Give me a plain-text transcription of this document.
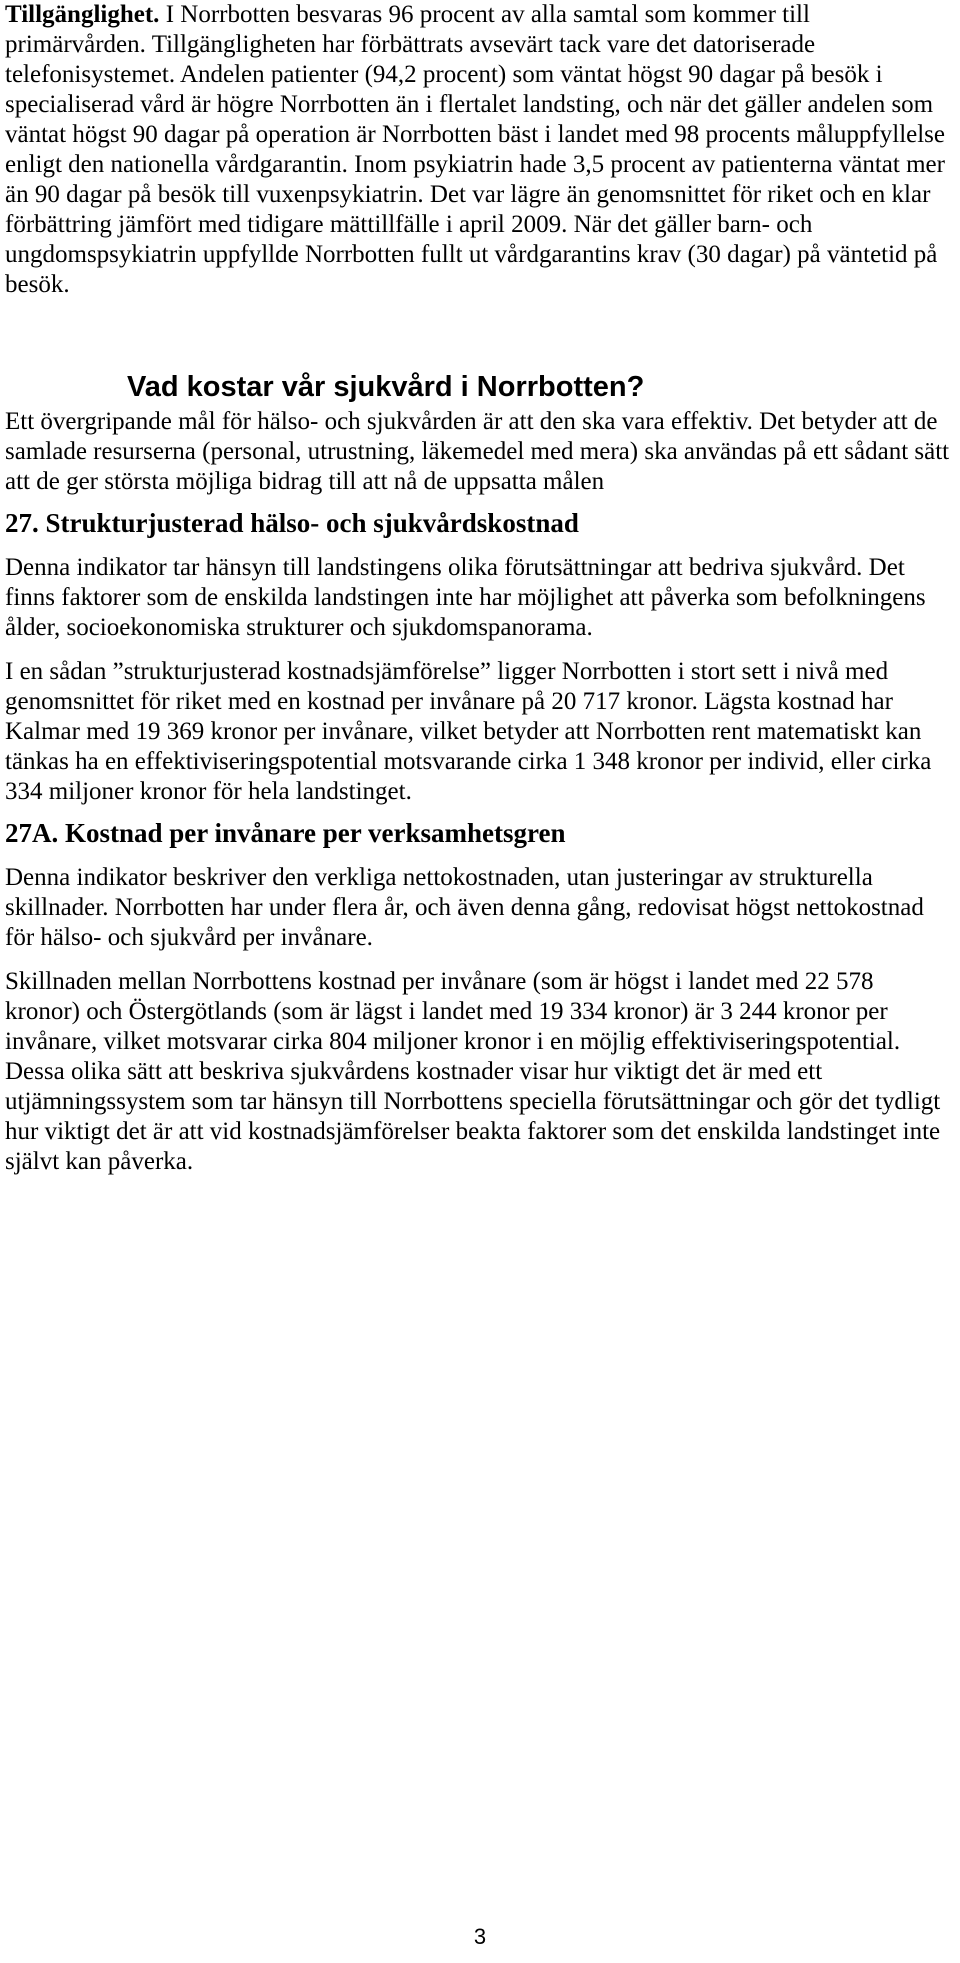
Tillgänglighet. I Norrbotten besvaras 96 procent av alla samtal som kommer till primärvården. Tillgängligheten har förbättrats avsevärt tack vare det datoriserade telefonisystemet. Andelen patienter (94,2 procent) som väntat högst 90 dagar på besök i specialiserad vård är högre Norrbotten än i flertalet landsting, och när det gäller andelen som väntat högst 90 dagar på operation är Norrbotten bäst i landet med 98 procents måluppfyllelse enligt den nationella vårdgarantin. Inom psykiatrin hade 3,5 procent av patienterna väntat mer än 90 dagar på besök till vuxenpsykiatrin. Det var lägre än genomsnittet för riket och en klar förbättring jämfört med tidigare mättillfälle i april 2009. När det gäller barn- och ungdomspsykiatrin uppfyllde Norrbotten fullt ut vårdgarantins krav (30 dagar) på väntetid på besök.

Vad kostar vår sjukvård i Norrbotten?

Ett övergripande mål för hälso- och sjukvården är att den ska vara effektiv. Det betyder att de samlade resurserna (personal, utrustning, läkemedel med mera) ska användas på ett sådant sätt att de ger största möjliga bidrag till att nå de uppsatta målen

27. Strukturjusterad hälso- och sjukvårdskostnad

Denna indikator tar hänsyn till landstingens olika förutsättningar att bedriva sjukvård. Det finns faktorer som de enskilda landstingen inte har möjlighet att påverka som befolkningens ålder, socioekonomiska strukturer och sjukdomspanorama.

I en sådan ”strukturjusterad kostnadsjämförelse” ligger Norrbotten i stort sett i nivå med genomsnittet för riket med en kostnad per invånare på 20 717 kronor. Lägsta kostnad har Kalmar med 19 369 kronor per invånare, vilket betyder att Norrbotten rent matematiskt kan tänkas ha en effektiviseringspotential motsvarande cirka 1 348 kronor per individ, eller cirka 334 miljoner kronor för hela landstinget.

27A. Kostnad per invånare per verksamhetsgren

Denna indikator beskriver den verkliga nettokostnaden, utan justeringar av strukturella skillnader. Norrbotten har under flera år, och även denna gång, redovisat högst nettokostnad för hälso- och sjukvård per invånare.

Skillnaden mellan Norrbottens kostnad per invånare (som är högst i landet med 22 578 kronor) och Östergötlands (som är lägst i landet med 19 334 kronor) är 3 244 kronor per invånare, vilket motsvarar cirka 804 miljoner kronor i en möjlig effektiviseringspotential. Dessa olika sätt att beskriva sjukvårdens kostnader visar hur viktigt det är med ett utjämningssystem som tar hänsyn till Norrbottens speciella förutsättningar och gör det tydligt hur viktigt det är att vid kostnadsjämförelser beakta faktorer som det enskilda landstinget inte självt kan påverka.

3
